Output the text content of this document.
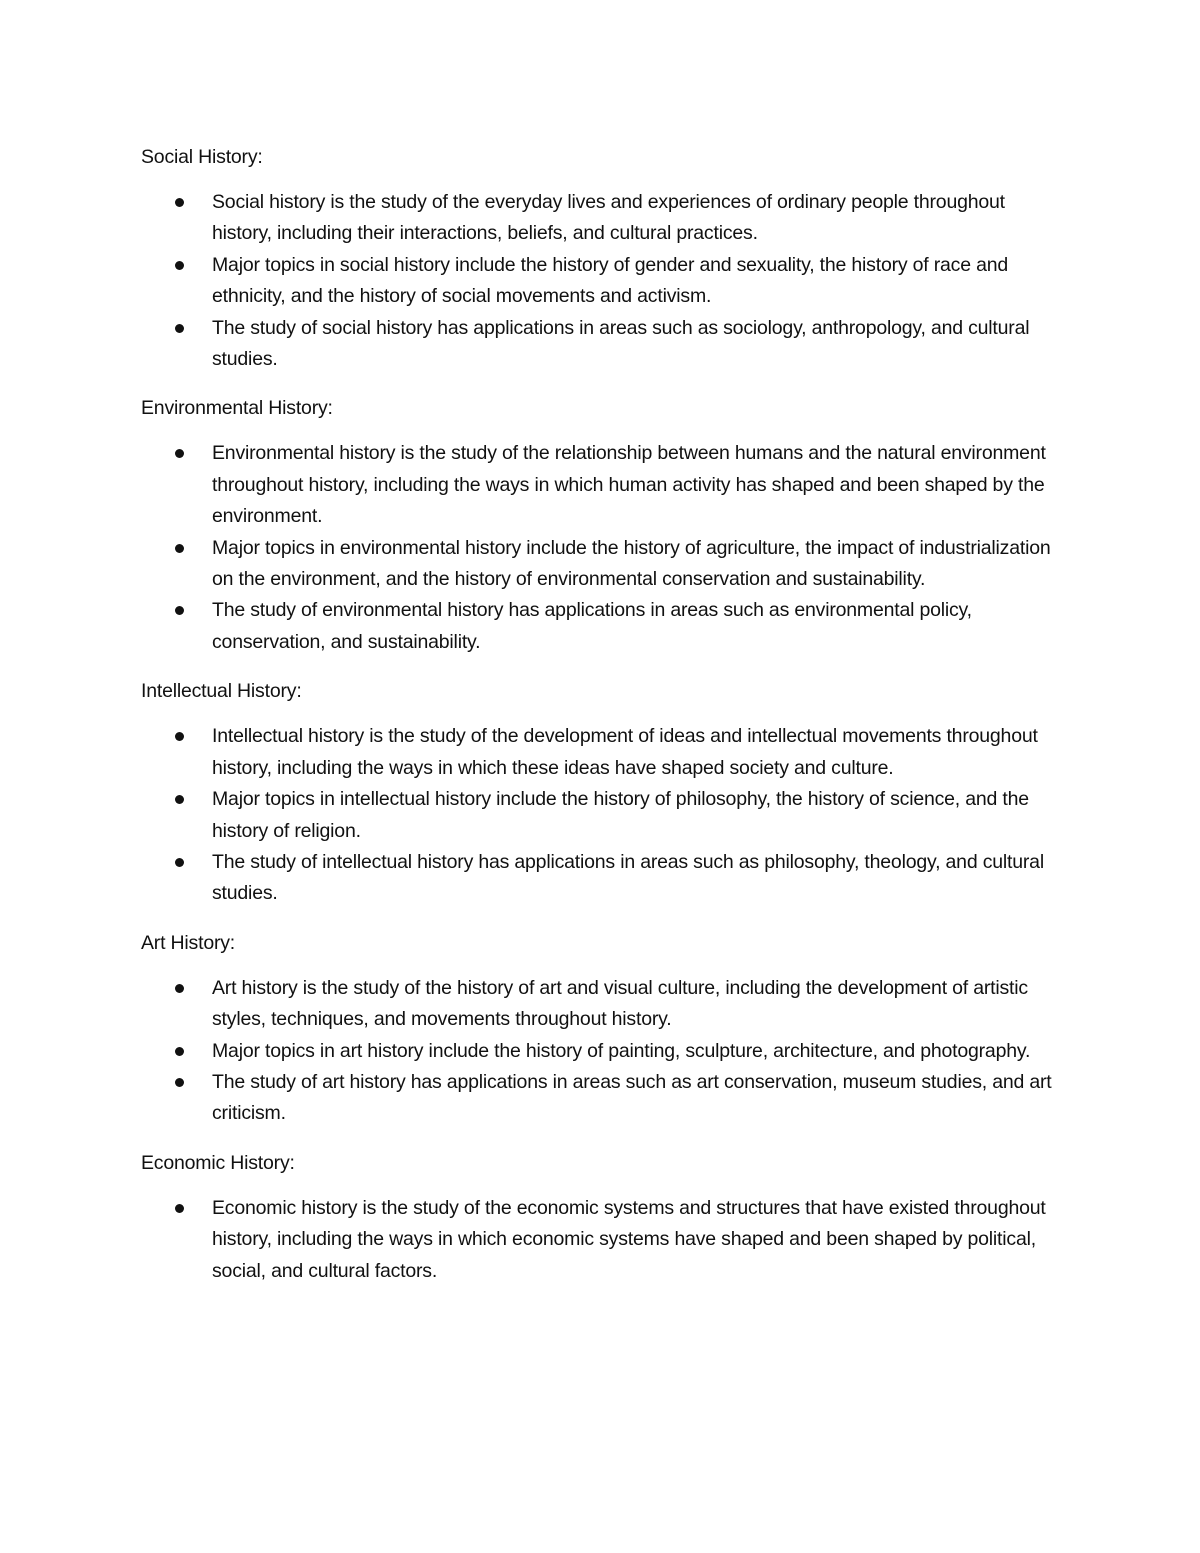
Social History:
Social history is the study of the everyday lives and experiences of ordinary people throughout history, including their interactions, beliefs, and cultural practices.
Major topics in social history include the history of gender and sexuality, the history of race and ethnicity, and the history of social movements and activism.
The study of social history has applications in areas such as sociology, anthropology, and cultural studies.
Environmental History:
Environmental history is the study of the relationship between humans and the natural environment throughout history, including the ways in which human activity has shaped and been shaped by the environment.
Major topics in environmental history include the history of agriculture, the impact of industrialization on the environment, and the history of environmental conservation and sustainability.
The study of environmental history has applications in areas such as environmental policy, conservation, and sustainability.
Intellectual History:
Intellectual history is the study of the development of ideas and intellectual movements throughout history, including the ways in which these ideas have shaped society and culture.
Major topics in intellectual history include the history of philosophy, the history of science, and the history of religion.
The study of intellectual history has applications in areas such as philosophy, theology, and cultural studies.
Art History:
Art history is the study of the history of art and visual culture, including the development of artistic styles, techniques, and movements throughout history.
Major topics in art history include the history of painting, sculpture, architecture, and photography.
The study of art history has applications in areas such as art conservation, museum studies, and art criticism.
Economic History:
Economic history is the study of the economic systems and structures that have existed throughout history, including the ways in which economic systems have shaped and been shaped by political, social, and cultural factors.
